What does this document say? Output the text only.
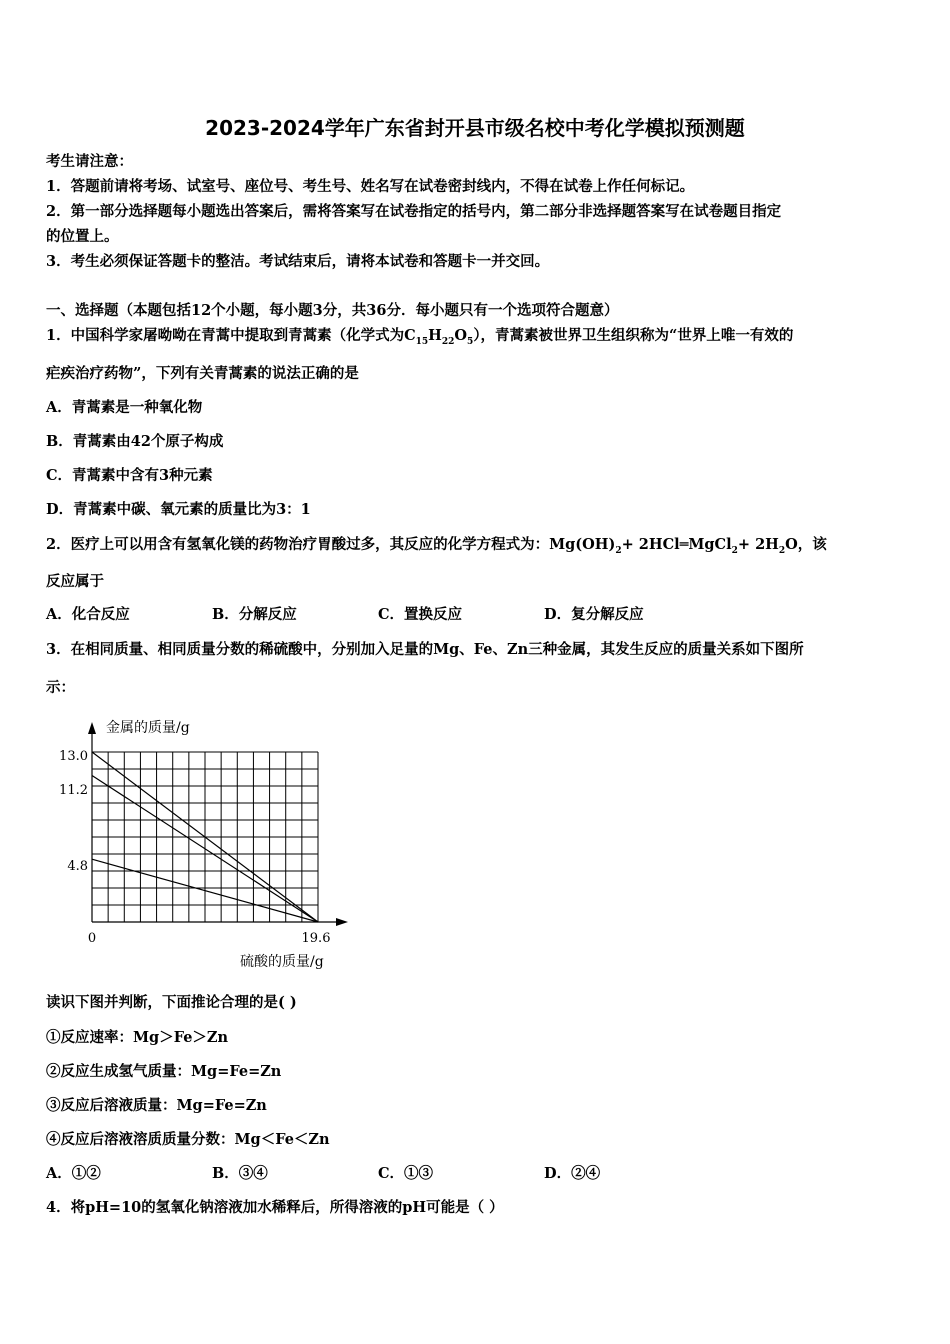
2023-2024学年广东省封开县市级名校中考化学模拟预测题
考生请注意：
1．答题前请将考场、试室号、座位号、考生号、姓名写在试卷密封线内，不得在试卷上作任何标记。
2．第一部分选择题每小题选出答案后，需将答案写在试卷指定的括号内，第二部分非选择题答案写在试卷题目指定
的位置上。
3．考生必须保证答题卡的整洁。考试结束后，请将本试卷和答题卡一并交回。
一、选择题（本题包括12个小题，每小题3分，共36分．每小题只有一个选项符合题意）
1．中国科学家屠呦呦在青蒿中提取到青蒿素（化学式为$C_{15}H_{22}O_5$），青蒿素被世界卫生组织称为“世界上唯一有效的
疟疾治疗药物”，下列有关青蒿素的说法正确的是
A．青蒿素是一种氧化物
B．青蒿素由42个原子构成
C．青蒿素中含有3种元素
D．青蒿素中碳、氧元素的质量比为3：1
2．医疗上可以用含有氢氧化镁的药物治疗胃酸过多，其反应的化学方程式为：$Mg(OH)_2+$ 2HCl═MgCl$_2$+ $2H_2O$，该
反应属于
A．化合反应	B．分解反应	C．置换反应	D．复分解反应
3．在相同质量、相同质量分数的稀硫酸中，分别加入足量的Mg、Fe、Zn三种金属，其发生反应的质量关系如下图所
示：
金属的质量/g
硫酸的质量/g
13.0
11.2
4.8
0	19.6
读识下图并判断，下面推论合理的是( )
①反应速率：Mg＞Fe＞Zn
②反应生成氢气质量：Mg=Fe=Zn
③反应后溶液质量：Mg=Fe=Zn
④反应后溶液溶质质量分数：Mg＜Fe＜Zn
A．①②	B．③④	C．①③	D．②④
4．将pH=10的氢氧化钠溶液加水稀释后，所得溶液的pH可能是（ ）
